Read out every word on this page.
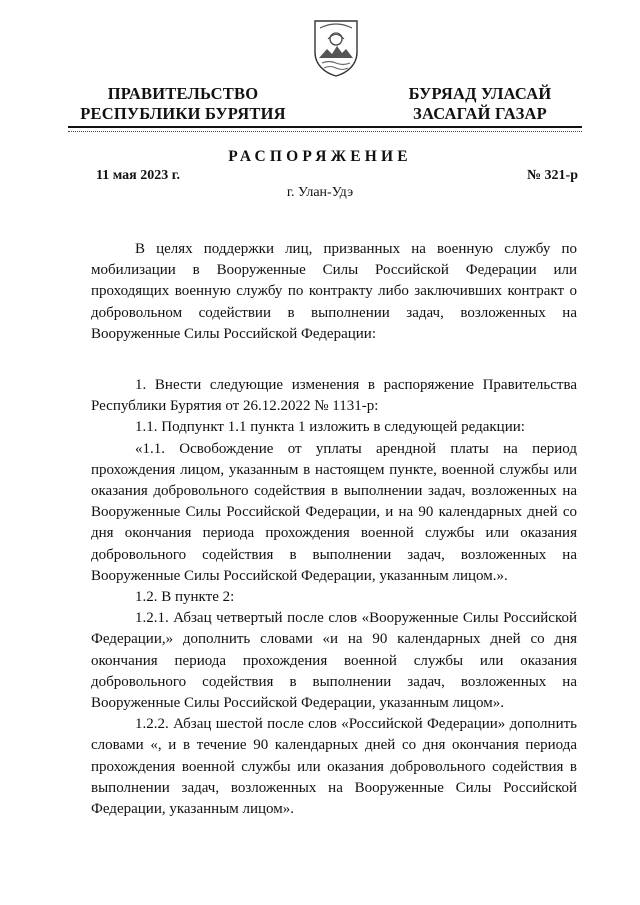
ПРАВИТЕЛЬСТВО
РЕСПУБЛИКИ БУРЯТИЯ
БУРЯАД УЛАСАЙ
ЗАСАГАЙ ГАЗАР
РАСПОРЯЖЕНИЕ
11 мая 2023 г.	№ 321-р
г. Улан-Удэ

В целях поддержки лиц, призванных на военную службу по мобилизации в Вооруженные Силы Российской Федерации или проходящих военную службу по контракту либо заключивших контракт о добровольном содействии в выполнении задач, возложенных на Вооруженные Силы Российской Федерации:

1. Внести следующие изменения в распоряжение Правительства Республики Бурятия от 26.12.2022 № 1131-р:

1.1. Подпункт 1.1 пункта 1 изложить в следующей редакции:

«1.1. Освобождение от уплаты арендной платы на период прохождения лицом, указанным в настоящем пункте, военной службы или оказания добровольного содействия в выполнении задач, возложенных на Вооруженные Силы Российской Федерации, и на 90 календарных дней со дня окончания периода прохождения военной службы или оказания добровольного содействия в выполнении задач, возложенных на Вооруженные Силы Российской Федерации, указанным лицом.».

1.2. В пункте 2:

1.2.1. Абзац четвертый после слов «Вооруженные Силы Российской Федерации,» дополнить словами «и на 90 календарных дней со дня окончания периода прохождения военной службы или оказания добровольного содействия в выполнении задач, возложенных на Вооруженные Силы Российской Федерации, указанным лицом».

1.2.2. Абзац шестой после слов «Российской Федерации» дополнить словами «, и в течение 90 календарных дней со дня окончания периода прохождения военной службы или оказания добровольного содействия в выполнении задач, возложенных на Вооруженные Силы Российской Федерации, указанным лицом».
